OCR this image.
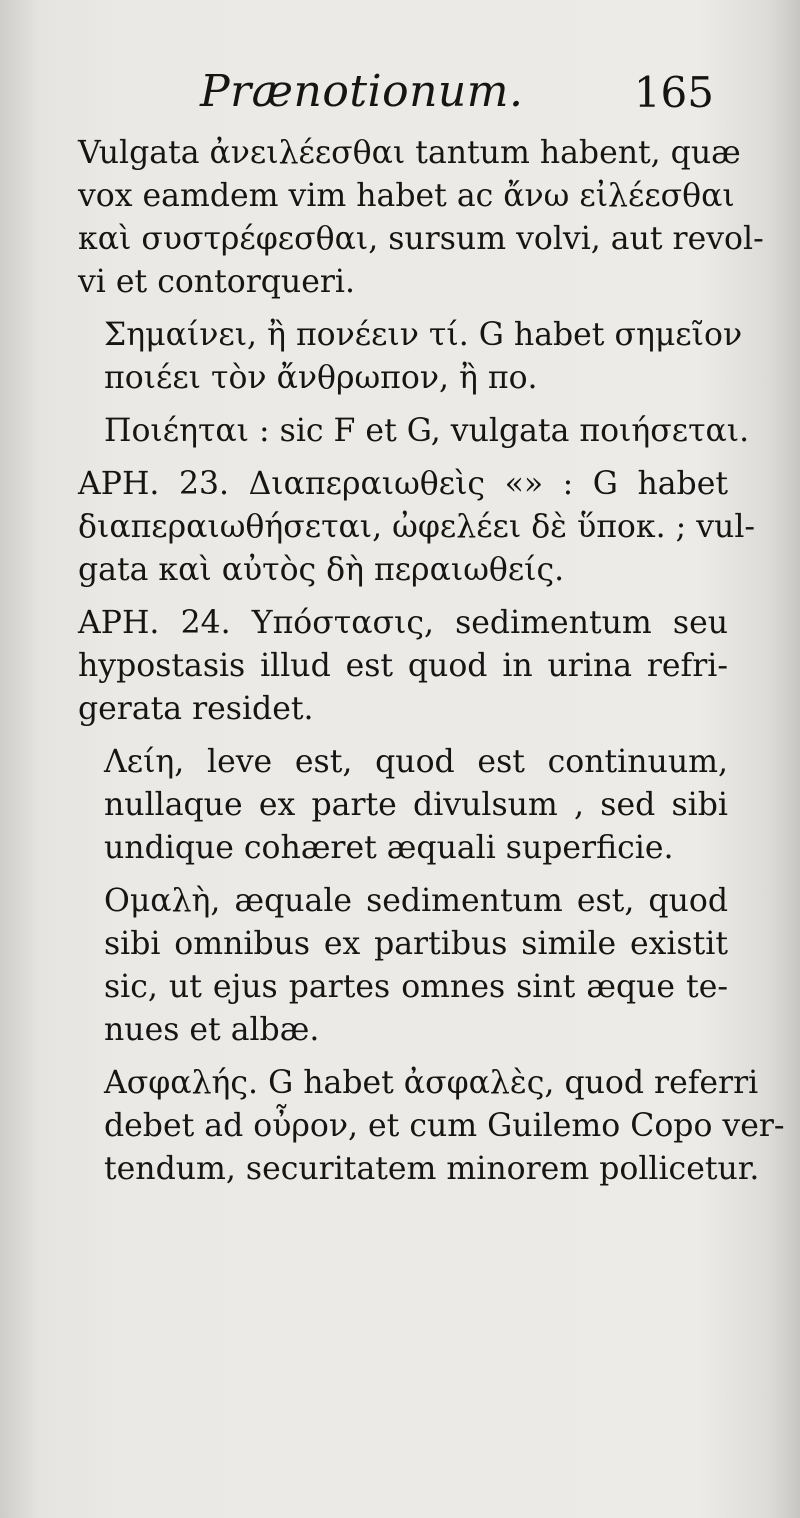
Prænotionum.	165
Vulgata ἀνειλέεσθαι tantum habent, quæ
vox eamdem vim habet ac ἄνω εἰλέεσθαι
καὶ συστρέφεσθαι, sursum volvi, aut revol-
vi et contorqueri.
Σημαίνει, ἢ πονέειν τί. G habet σημεῖον
ποιέει τὸν ἄνθρωπον, ἢ πο.
Ποιέηται : sic F et G, vulgata ποιήσεται.
APH. 23. Διαπεραιωθεὶς «» : G habet
διαπεραιωθήσεται, ὠφελέει δὲ ὕποκ. ; vul-
gata καὶ αὐτὸς δὴ περαιωθείς.
APH. 24. Υπόστασις, sedimentum seu
hypostasis illud est quod in urina refri-
gerata residet.
Λείη, leve est, quod est continuum,
nullaque ex parte divulsum , sed sibi
undique cohæret æquali superficie.
Ομαλὴ, æquale sedimentum est, quod
sibi omnibus ex partibus simile existit
sic, ut ejus partes omnes sint æque te-
nues et albæ.
Ασφαλής. G habet ἀσφαλὲς, quod referri
debet ad οὖρον, et cum Guilemo Copo ver-
tendum, securitatem minorem pollicetur.
